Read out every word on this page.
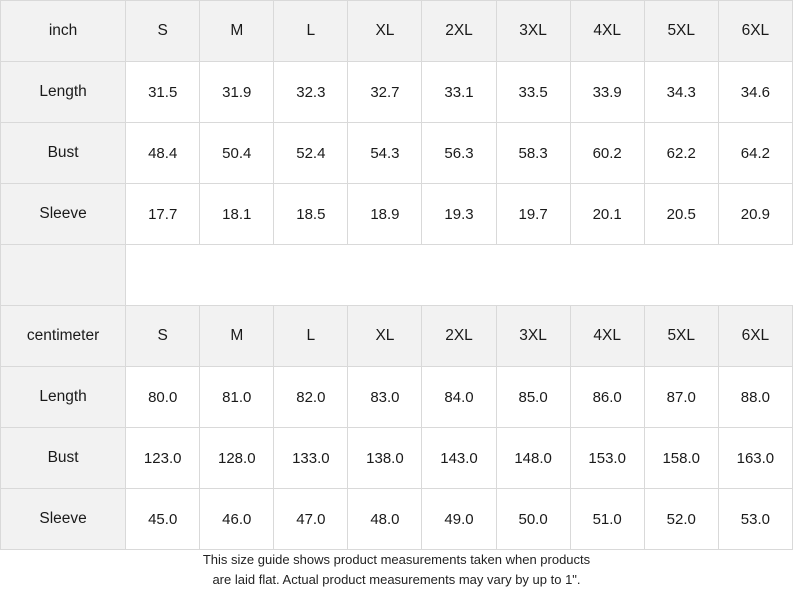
inch	S	M	L	XL	2XL	3XL	4XL	5XL	6XL
Length	31.5	31.9	32.3	32.7	33.1	33.5	33.9	34.3	34.6
Bust	48.4	50.4	52.4	54.3	56.3	58.3	60.2	62.2	64.2
Sleeve	17.7	18.1	18.5	18.9	19.3	19.7	20.1	20.5	20.9

centimeter	S	M	L	XL	2XL	3XL	4XL	5XL	6XL
Length	80.0	81.0	82.0	83.0	84.0	85.0	86.0	87.0	88.0
Bust	123.0	128.0	133.0	138.0	143.0	148.0	153.0	158.0	163.0
Sleeve	45.0	46.0	47.0	48.0	49.0	50.0	51.0	52.0	53.0
This size guide shows product measurements taken when products
are laid flat. Actual product measurements may vary by up to 1".
